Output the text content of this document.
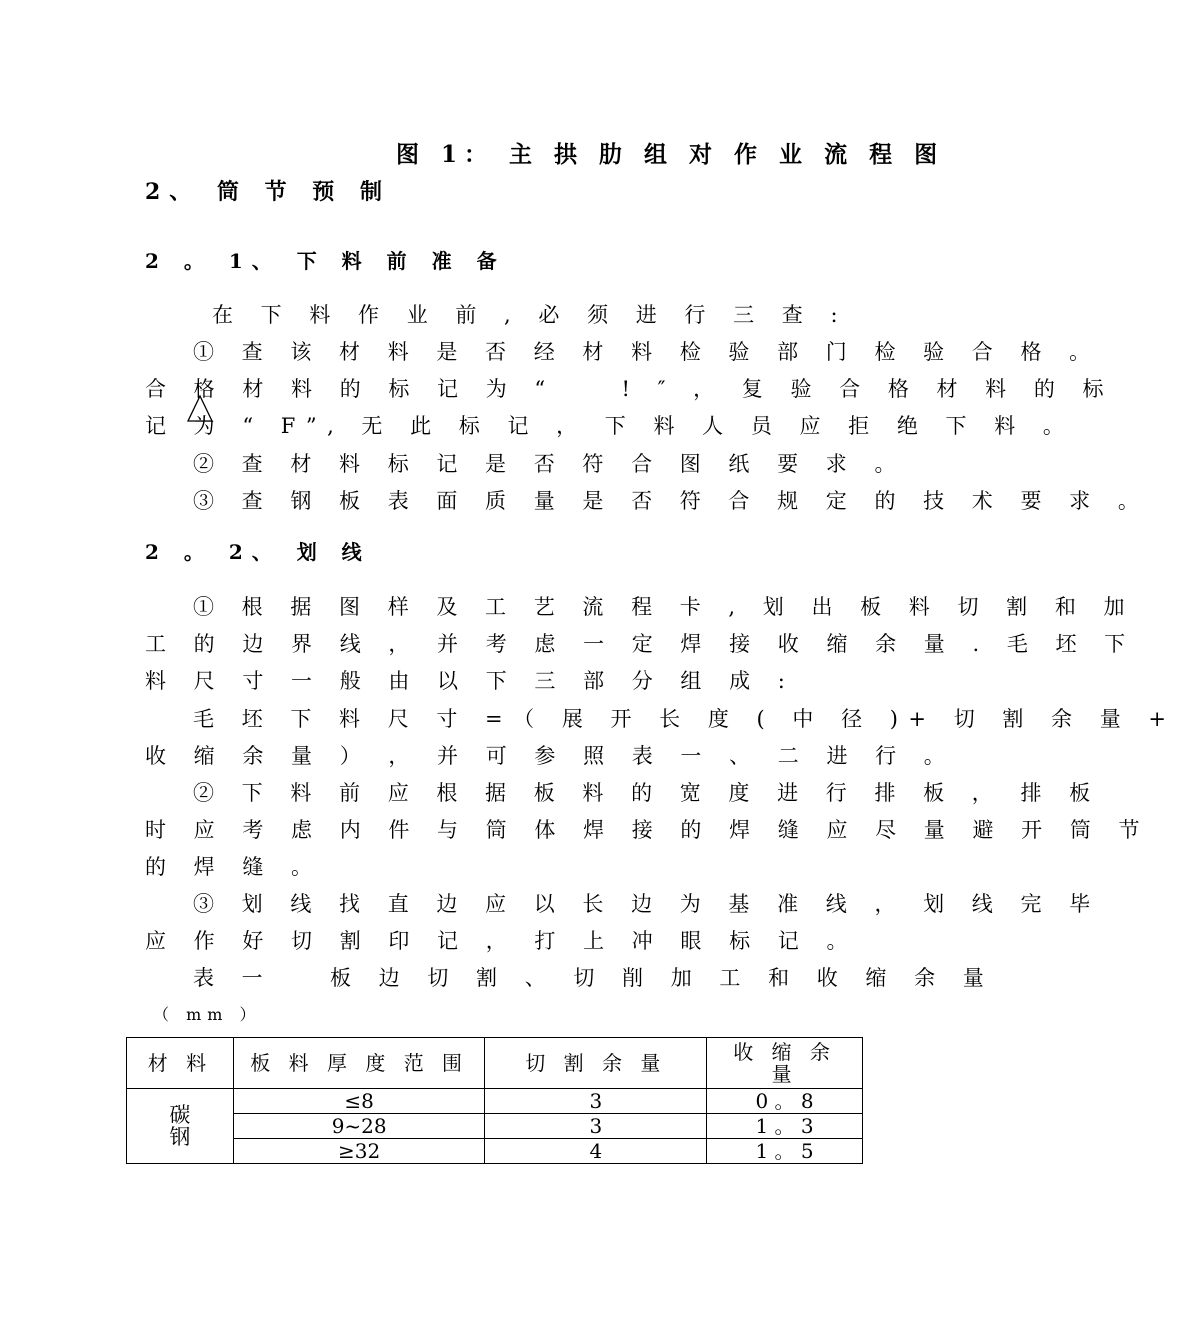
图 1： 主 拱 肋 组 对 作 业 流 程 图
2、 筒 节 预 制
2 。 1、 下 料 前 准 备
在 下 料 作 业 前 , 必 须 进 行 三 查 :
① 查 该 材 料 是 否 经 材 料 检 验 部 门 检 验 合 格 。
合 格 材 料 的 标 记 为 “ 　 ! ″ ， 复 验 合 格 材 料 的 标
记 为 “ F”, 无 此 标 记 ， 下 料 人 员 应 拒 绝 下 料 。
② 查 材 料 标 记 是 否 符 合 图 纸 要 求 。
③ 查 钢 板 表 面 质 量 是 否 符 合 规 定 的 技 术 要 求 。
2 。 2、 划 线
① 根 据 图 样 及 工 艺 流 程 卡 , 划 出 板 料 切 割 和 加
工 的 边 界 线 ， 并 考 虑 一 定 焊 接 收 缩 余 量 . 毛 坯 下
料 尺 寸 一 般 由 以 下 三 部 分 组 成 :
毛 坯 下 料 尺 寸 =（ 展 开 长 度 ( 中 径 )+ 切 割 余 量 +
收 缩 余 量 ） ， 并 可 参 照 表 一 、 二 进 行 。
② 下 料 前 应 根 据 板 料 的 宽 度 进 行 排 板 ， 排 板
时 应 考 虑 内 件 与 筒 体 焊 接 的 焊 缝 应 尽 量 避 开 筒 节
的 焊 缝 。
③ 划 线 找 直 边 应 以 长 边 为 基 准 线 ， 划 线 完 毕
应 作 好 切 割 印 记 ， 打 上 冲 眼 标 记 。
表 一	板 边 切 割 、 切 削 加 工 和 收 缩 余 量
（ mm ）
材 料	板 料 厚 度 范 围	切 割 余 量	收 缩 余 量

碳 钢	≤8	3	0 。 8
	9~28	3	1 。 3
	≥32	4	1 。 5
